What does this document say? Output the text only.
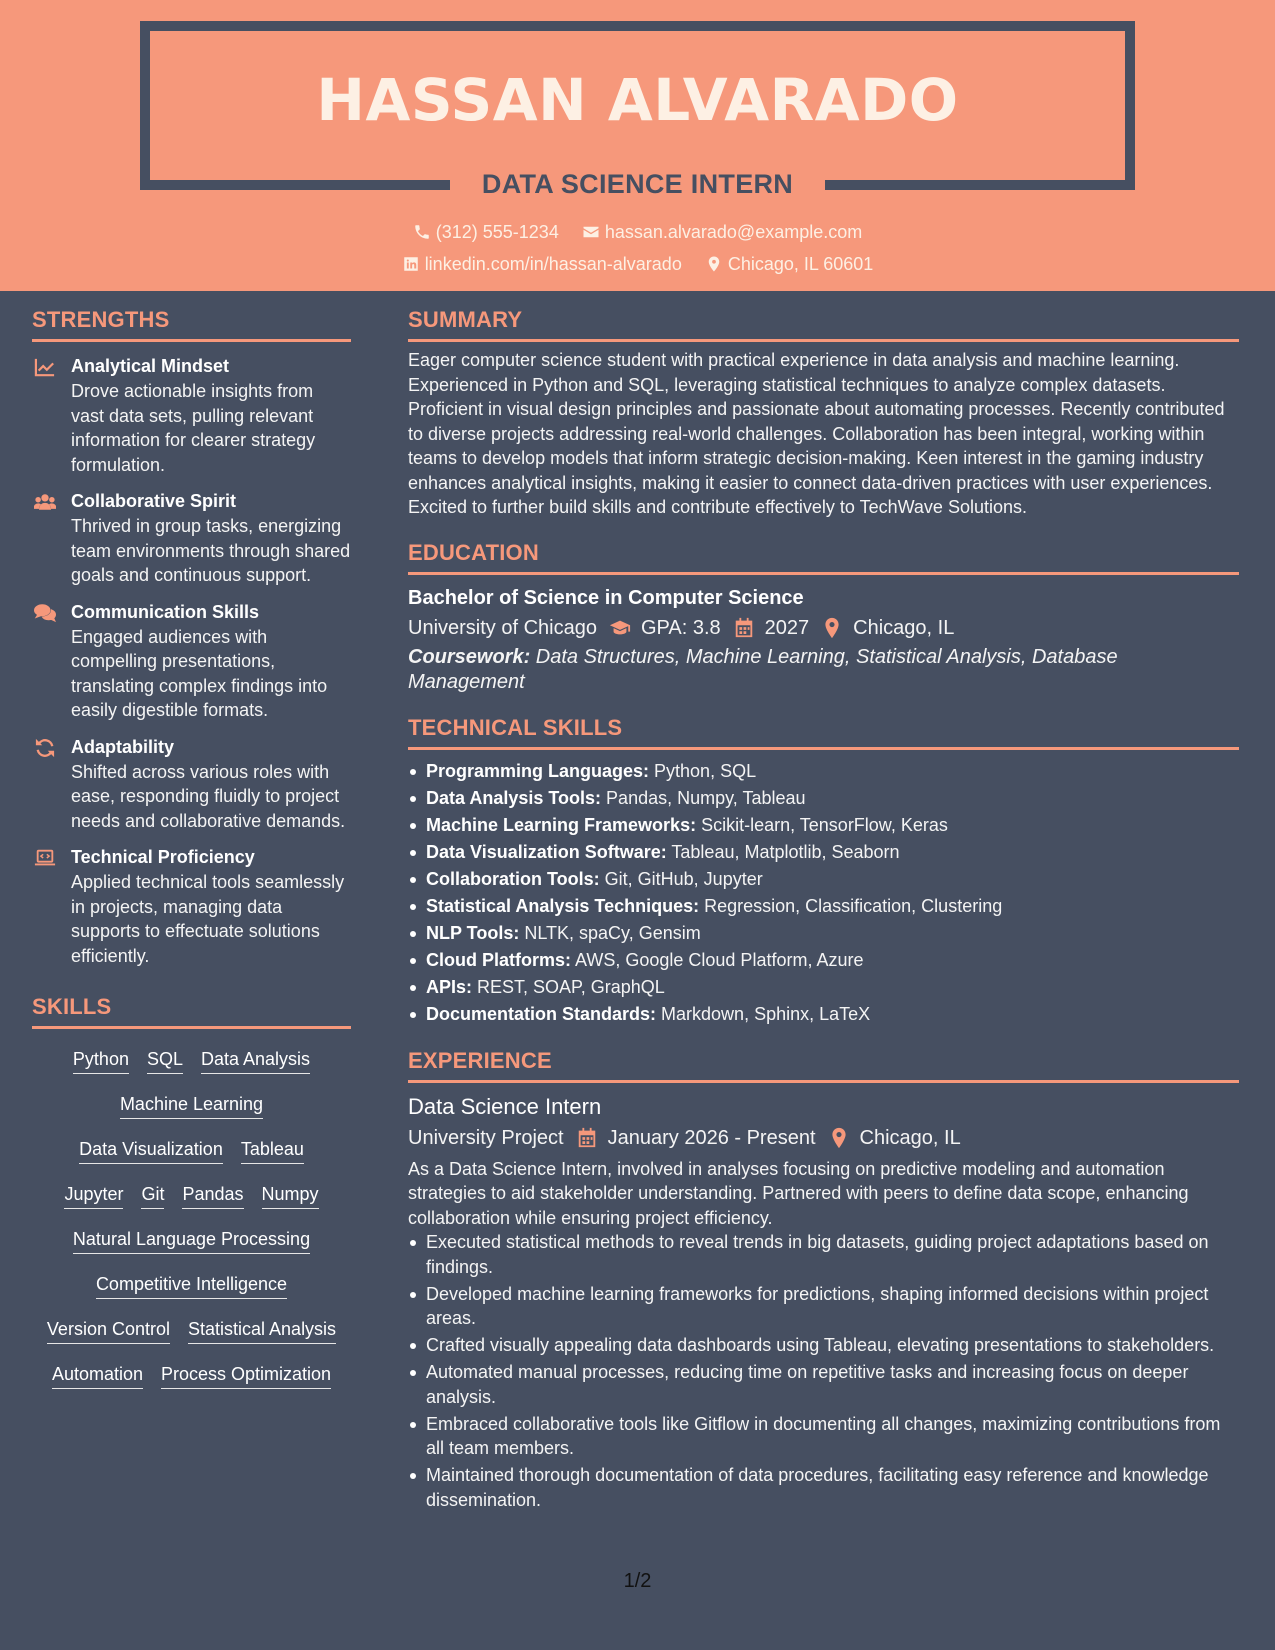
HASSAN ALVARADO
DATA SCIENCE INTERN
(312) 555-1234
	hassan.alvarado@example.com
linkedin.com/in/hassan-alvarado
	Chicago, IL 60601
STRENGTHS
Analytical Mindset
Drove actionable insights from vast data sets, pulling relevant information for clearer strategy formulation.
Collaborative Spirit
Thrived in group tasks, energizing team environments through shared goals and continuous support.
Communication Skills
Engaged audiences with compelling presentations, translating complex findings into easily digestible formats.
Adaptability
Shifted across various roles with ease, responding fluidly to project needs and collaborative demands.
Technical Proficiency
Applied technical tools seamlessly in projects, managing data supports to effectuate solutions efficiently.
SKILLS
Python SQL Data Analysis
Machine Learning
Data Visualization Tableau
Jupyter Git Pandas Numpy
Natural Language Processing
Competitive Intelligence
Version Control Statistical Analysis
Automation Process Optimization
SUMMARY
Eager computer science student with practical experience in data analysis and machine learning. Experienced in Python and SQL, leveraging statistical techniques to analyze complex datasets. Proficient in visual design principles and passionate about automating processes. Recently contributed to diverse projects addressing real-world challenges. Collaboration has been integral, working within teams to develop models that inform strategic decision-making. Keen interest in the gaming industry enhances analytical insights, making it easier to connect data-driven practices with user experiences. Excited to further build skills and contribute effectively to TechWave Solutions.
EDUCATION
Bachelor of Science in Computer Science
University of Chicago GPA: 3.8 2027 Chicago, IL
Coursework: Data Structures, Machine Learning, Statistical Analysis, Database Management
TECHNICAL SKILLS
Programming Languages: Python, SQL
Data Analysis Tools: Pandas, Numpy, Tableau
Machine Learning Frameworks: Scikit-learn, TensorFlow, Keras
Data Visualization Software: Tableau, Matplotlib, Seaborn
Collaboration Tools: Git, GitHub, Jupyter
Statistical Analysis Techniques: Regression, Classification, Clustering
NLP Tools: NLTK, spaCy, Gensim
Cloud Platforms: AWS, Google Cloud Platform, Azure
APIs: REST, SOAP, GraphQL
Documentation Standards: Markdown, Sphinx, LaTeX
EXPERIENCE
Data Science Intern
University Project January 2026 - Present Chicago, IL
As a Data Science Intern, involved in analyses focusing on predictive modeling and automation strategies to aid stakeholder understanding. Partnered with peers to define data scope, enhancing collaboration while ensuring project efficiency.
Executed statistical methods to reveal trends in big datasets, guiding project adaptations based on findings.
Developed machine learning frameworks for predictions, shaping informed decisions within project areas.
Crafted visually appealing data dashboards using Tableau, elevating presentations to stakeholders.
Automated manual processes, reducing time on repetitive tasks and increasing focus on deeper analysis.
Embraced collaborative tools like Gitflow in documenting all changes, maximizing contributions from all team members.
Maintained thorough documentation of data procedures, facilitating easy reference and knowledge dissemination.
1/2
